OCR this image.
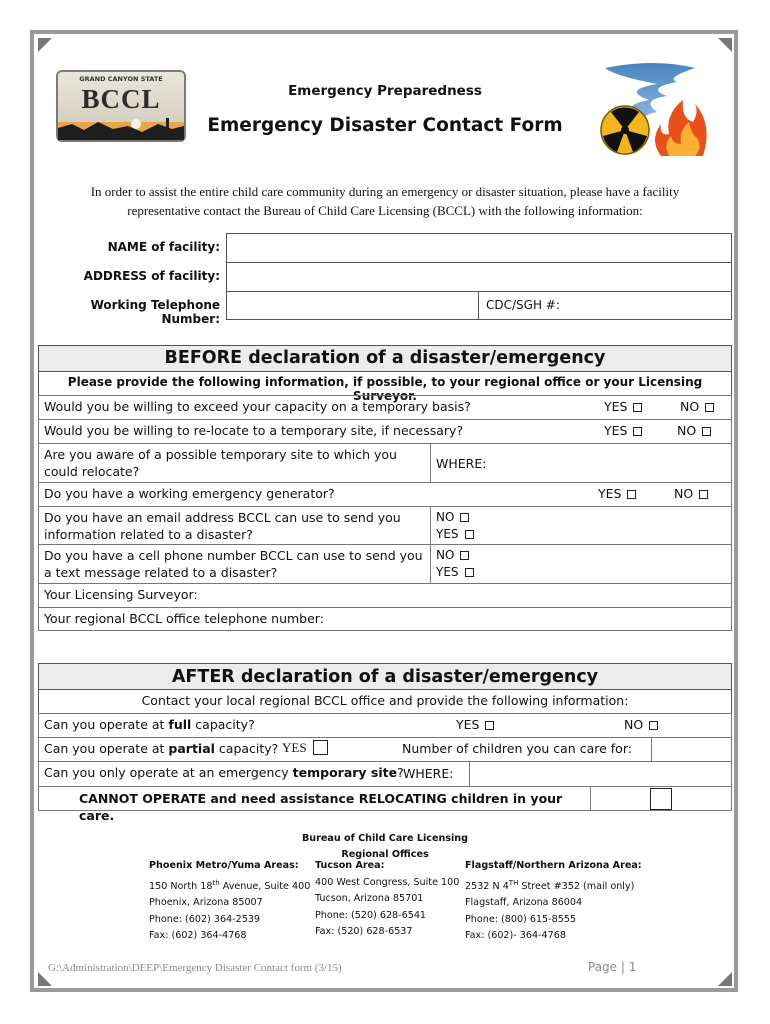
GRAND CANYON STATE
BCCL	Emergency Preparedness
Emergency Disaster Contact Form
In order to assist the entire child care community during an emergency or disaster situation, please have a facility representative contact the Bureau of Child Care Licensing (BCCL) with the following information:
NAME of facility:
ADDRESS of facility:
Working Telephone Number:
CDC/SGH #:
BEFORE declaration of a disaster/emergency
Please provide the following information, if possible, to your regional office or your Licensing Surveyor.
Would you be willing to exceed your capacity on a temporary basis?	YES	NO
Would you be willing to re-locate to a temporary site, if necessary?	YES	NO
Are you aware of a possible temporary site to which you could relocate?
WHERE:
Do you have a working emergency generator?	YES	NO
Do you have an email address BCCL can use to send you information related to a disaster?
NO
YES
Do you have a cell phone number BCCL can use to send you a text message related to a disaster?
NO
YES
Your Licensing Surveyor:
Your regional BCCL office telephone number:
AFTER declaration of a disaster/emergency
Contact your local regional BCCL office and provide the following information:
Can you operate at full capacity?	YES	NO
Can you operate at partial capacity? YES	Number of children you can care for:
Can you only operate at an emergency temporary site? WHERE:
CANNOT OPERATE and need assistance RELOCATING children in your care.
Bureau of Child Care Licensing
Regional Offices
Phoenix Metro/Yuma Areas:
150 North 18th Avenue, Suite 400
Phoenix, Arizona 85007
Phone: (602) 364-2539
Fax: (602) 364-4768
Tucson Area:
400 West Congress, Suite 100
Tucson, Arizona 85701
Phone: (520) 628-6541
Fax: (520) 628-6537
Flagstaff/Northern Arizona Area:
2532 N 4TH Street #352 (mail only)
Flagstaff, Arizona 86004
Phone: (800) 615-8555
Fax: (602)- 364-4768
G:\Administration\DEEP\Emergency Disaster Contact form (3/15)	Page | 1
